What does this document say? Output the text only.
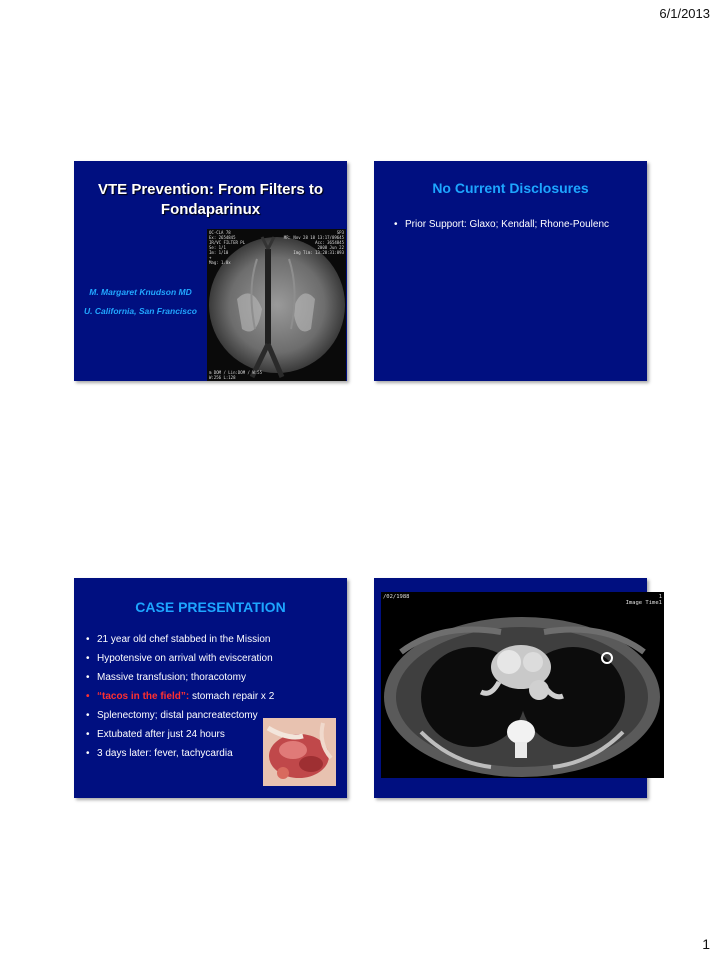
6/1/2013
VTE Prevention: From Filters to
Fondaparinux
M. Margaret Knudson MD
U. California, San Francisco
OC-CLA 78
Ex: 2654845
IR/VC FILTER PL
Se: 1/1
Im: 1/10
+
Mag: 1.0x
SP3
MR: Nov 28 18 13:17/89645
Acc: 3654845
2008 Jun 22
Img Tim: 13:28:31:093
m DOM / Lin:DOM / W:55
W:256 L:128
No Current Disclosures
• Prior Support: Glaxo; Kendall; Rhone-Poulenc
CASE PRESENTATION
• 21 year old chef stabbed in the Mission
• Hypotensive on arrival with evisceration
• Massive transfusion; thoracotomy
• “tacos in the field”: stomach repair x 2
• Splenectomy; distal pancreatectomy
• Extubated after just 24 hours
• 3 days later: fever, tachycardia
/02/1988	1
Image Time1
1
